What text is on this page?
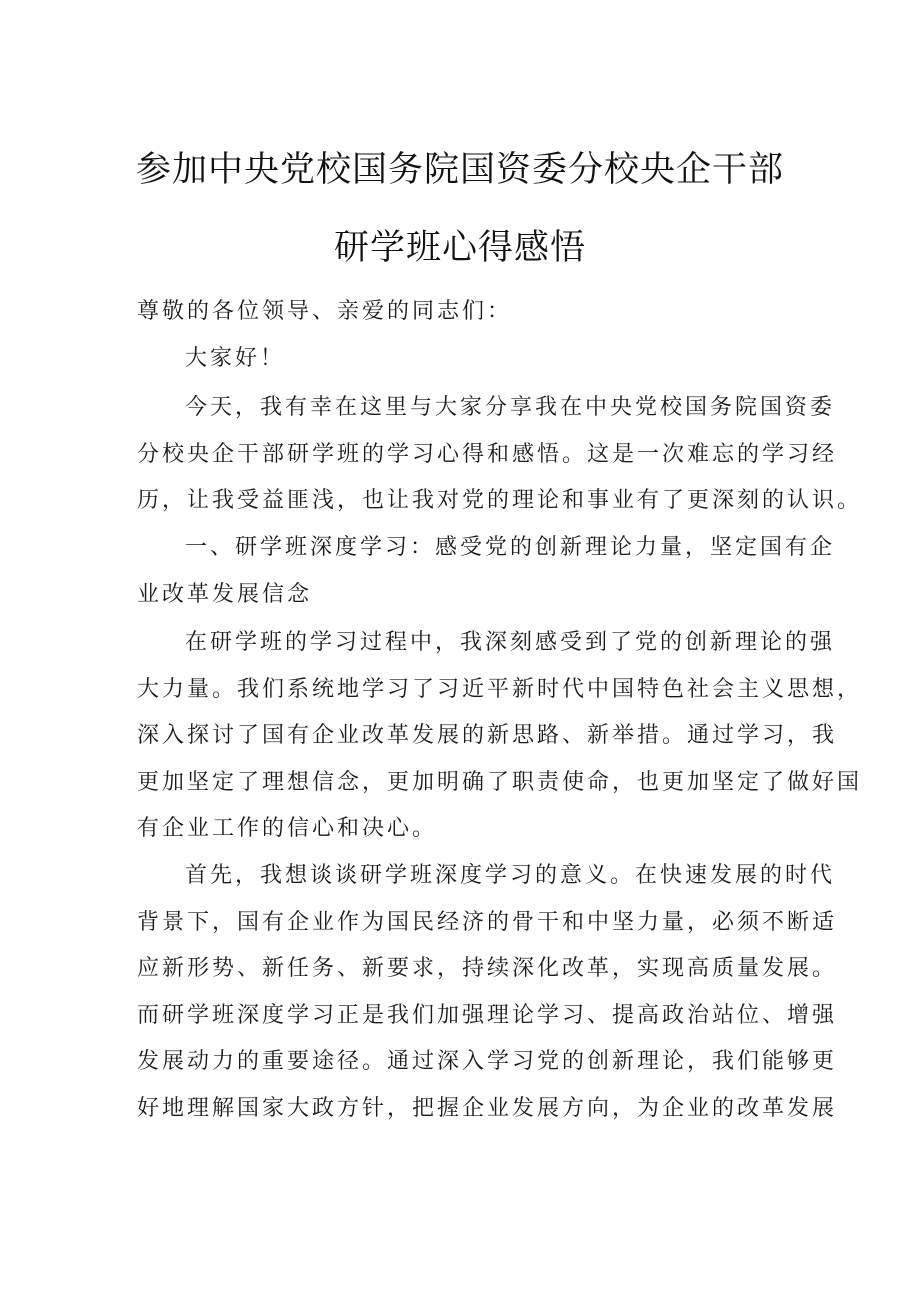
参加中央党校国务院国资委分校央企干部
研学班心得感悟
尊敬的各位领导、亲爱的同志们：
大家好！
今天，我有幸在这里与大家分享我在中央党校国务院国资委
分校央企干部研学班的学习心得和感悟。这是一次难忘的学习经
历，让我受益匪浅，也让我对党的理论和事业有了更深刻的认识。
一、研学班深度学习：感受党的创新理论力量，坚定国有企
业改革发展信念
在研学班的学习过程中，我深刻感受到了党的创新理论的强
大力量。我们系统地学习了习近平新时代中国特色社会主义思想，
深入探讨了国有企业改革发展的新思路、新举措。通过学习，我
更加坚定了理想信念，更加明确了职责使命，也更加坚定了做好国
有企业工作的信心和决心。
首先，我想谈谈研学班深度学习的意义。在快速发展的时代
背景下，国有企业作为国民经济的骨干和中坚力量，必须不断适
应新形势、新任务、新要求，持续深化改革，实现高质量发展。
而研学班深度学习正是我们加强理论学习、提高政治站位、增强
发展动力的重要途径。通过深入学习党的创新理论，我们能够更
好地理解国家大政方针，把握企业发展方向，为企业的改革发展
